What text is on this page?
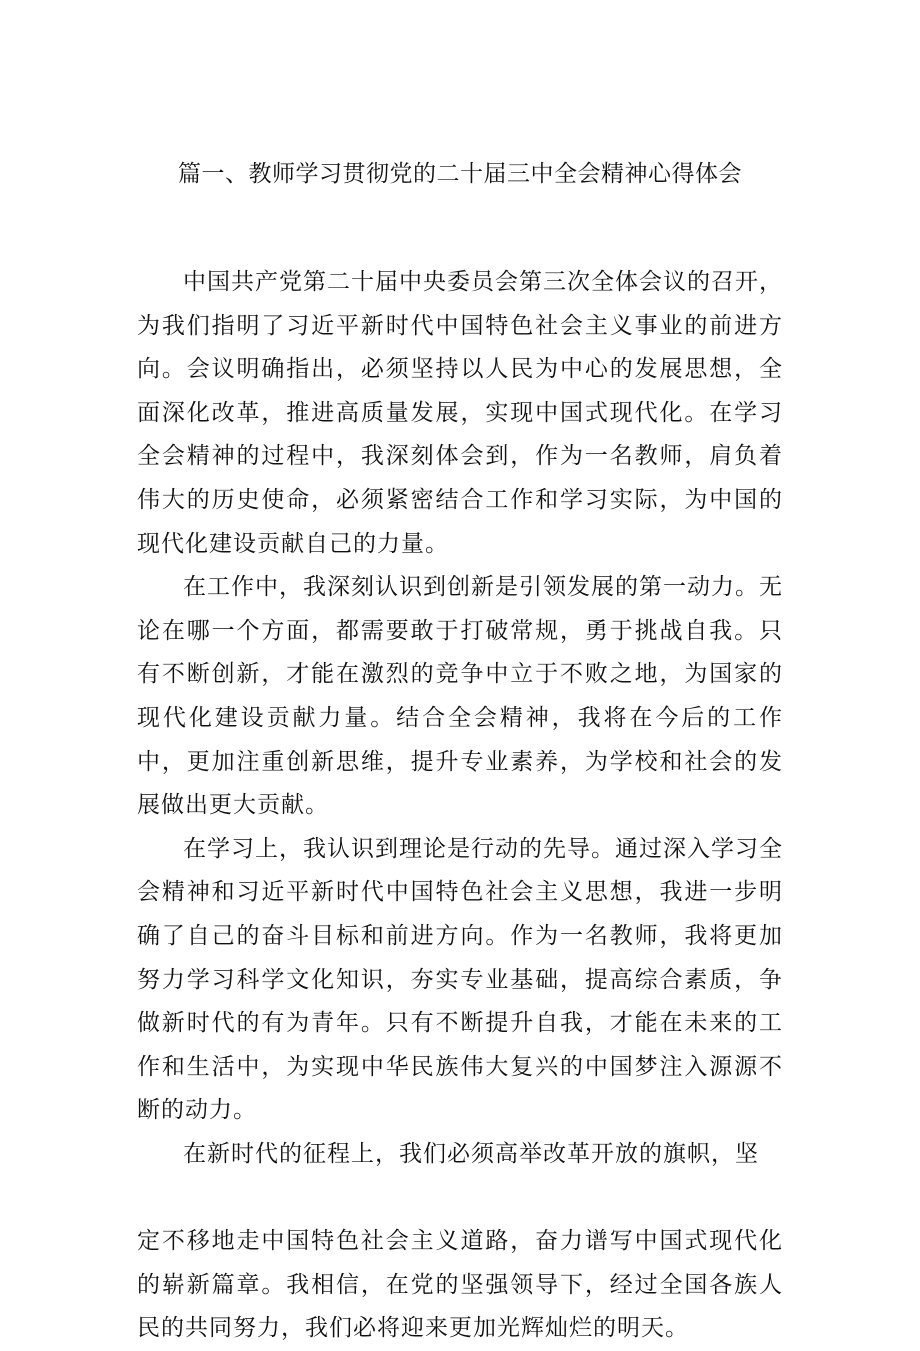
篇一、教师学习贯彻党的二十届三中全会精神心得体会

中国共产党第二十届中央委员会第三次全体会议的召开，为我们指明了习近平新时代中国特色社会主义事业的前进方向。会议明确指出，必须坚持以人民为中心的发展思想，全面深化改革，推进高质量发展，实现中国式现代化。在学习全会精神的过程中，我深刻体会到，作为一名教师，肩负着伟大的历史使命，必须紧密结合工作和学习实际，为中国的现代化建设贡献自己的力量。

在工作中，我深刻认识到创新是引领发展的第一动力。无论在哪一个方面，都需要敢于打破常规，勇于挑战自我。只有不断创新，才能在激烈的竞争中立于不败之地，为国家的现代化建设贡献力量。结合全会精神，我将在今后的工作中，更加注重创新思维，提升专业素养，为学校和社会的发展做出更大贡献。

在学习上，我认识到理论是行动的先导。通过深入学习全会精神和习近平新时代中国特色社会主义思想，我进一步明确了自己的奋斗目标和前进方向。作为一名教师，我将更加努力学习科学文化知识，夯实专业基础，提高综合素质，争做新时代的有为青年。只有不断提升自我，才能在未来的工作和生活中，为实现中华民族伟大复兴的中国梦注入源源不断的动力。

在新时代的征程上，我们必须高举改革开放的旗帜，坚

定不移地走中国特色社会主义道路，奋力谱写中国式现代化的崭新篇章。我相信，在党的坚强领导下，经过全国各族人民的共同努力，我们必将迎来更加光辉灿烂的明天。
